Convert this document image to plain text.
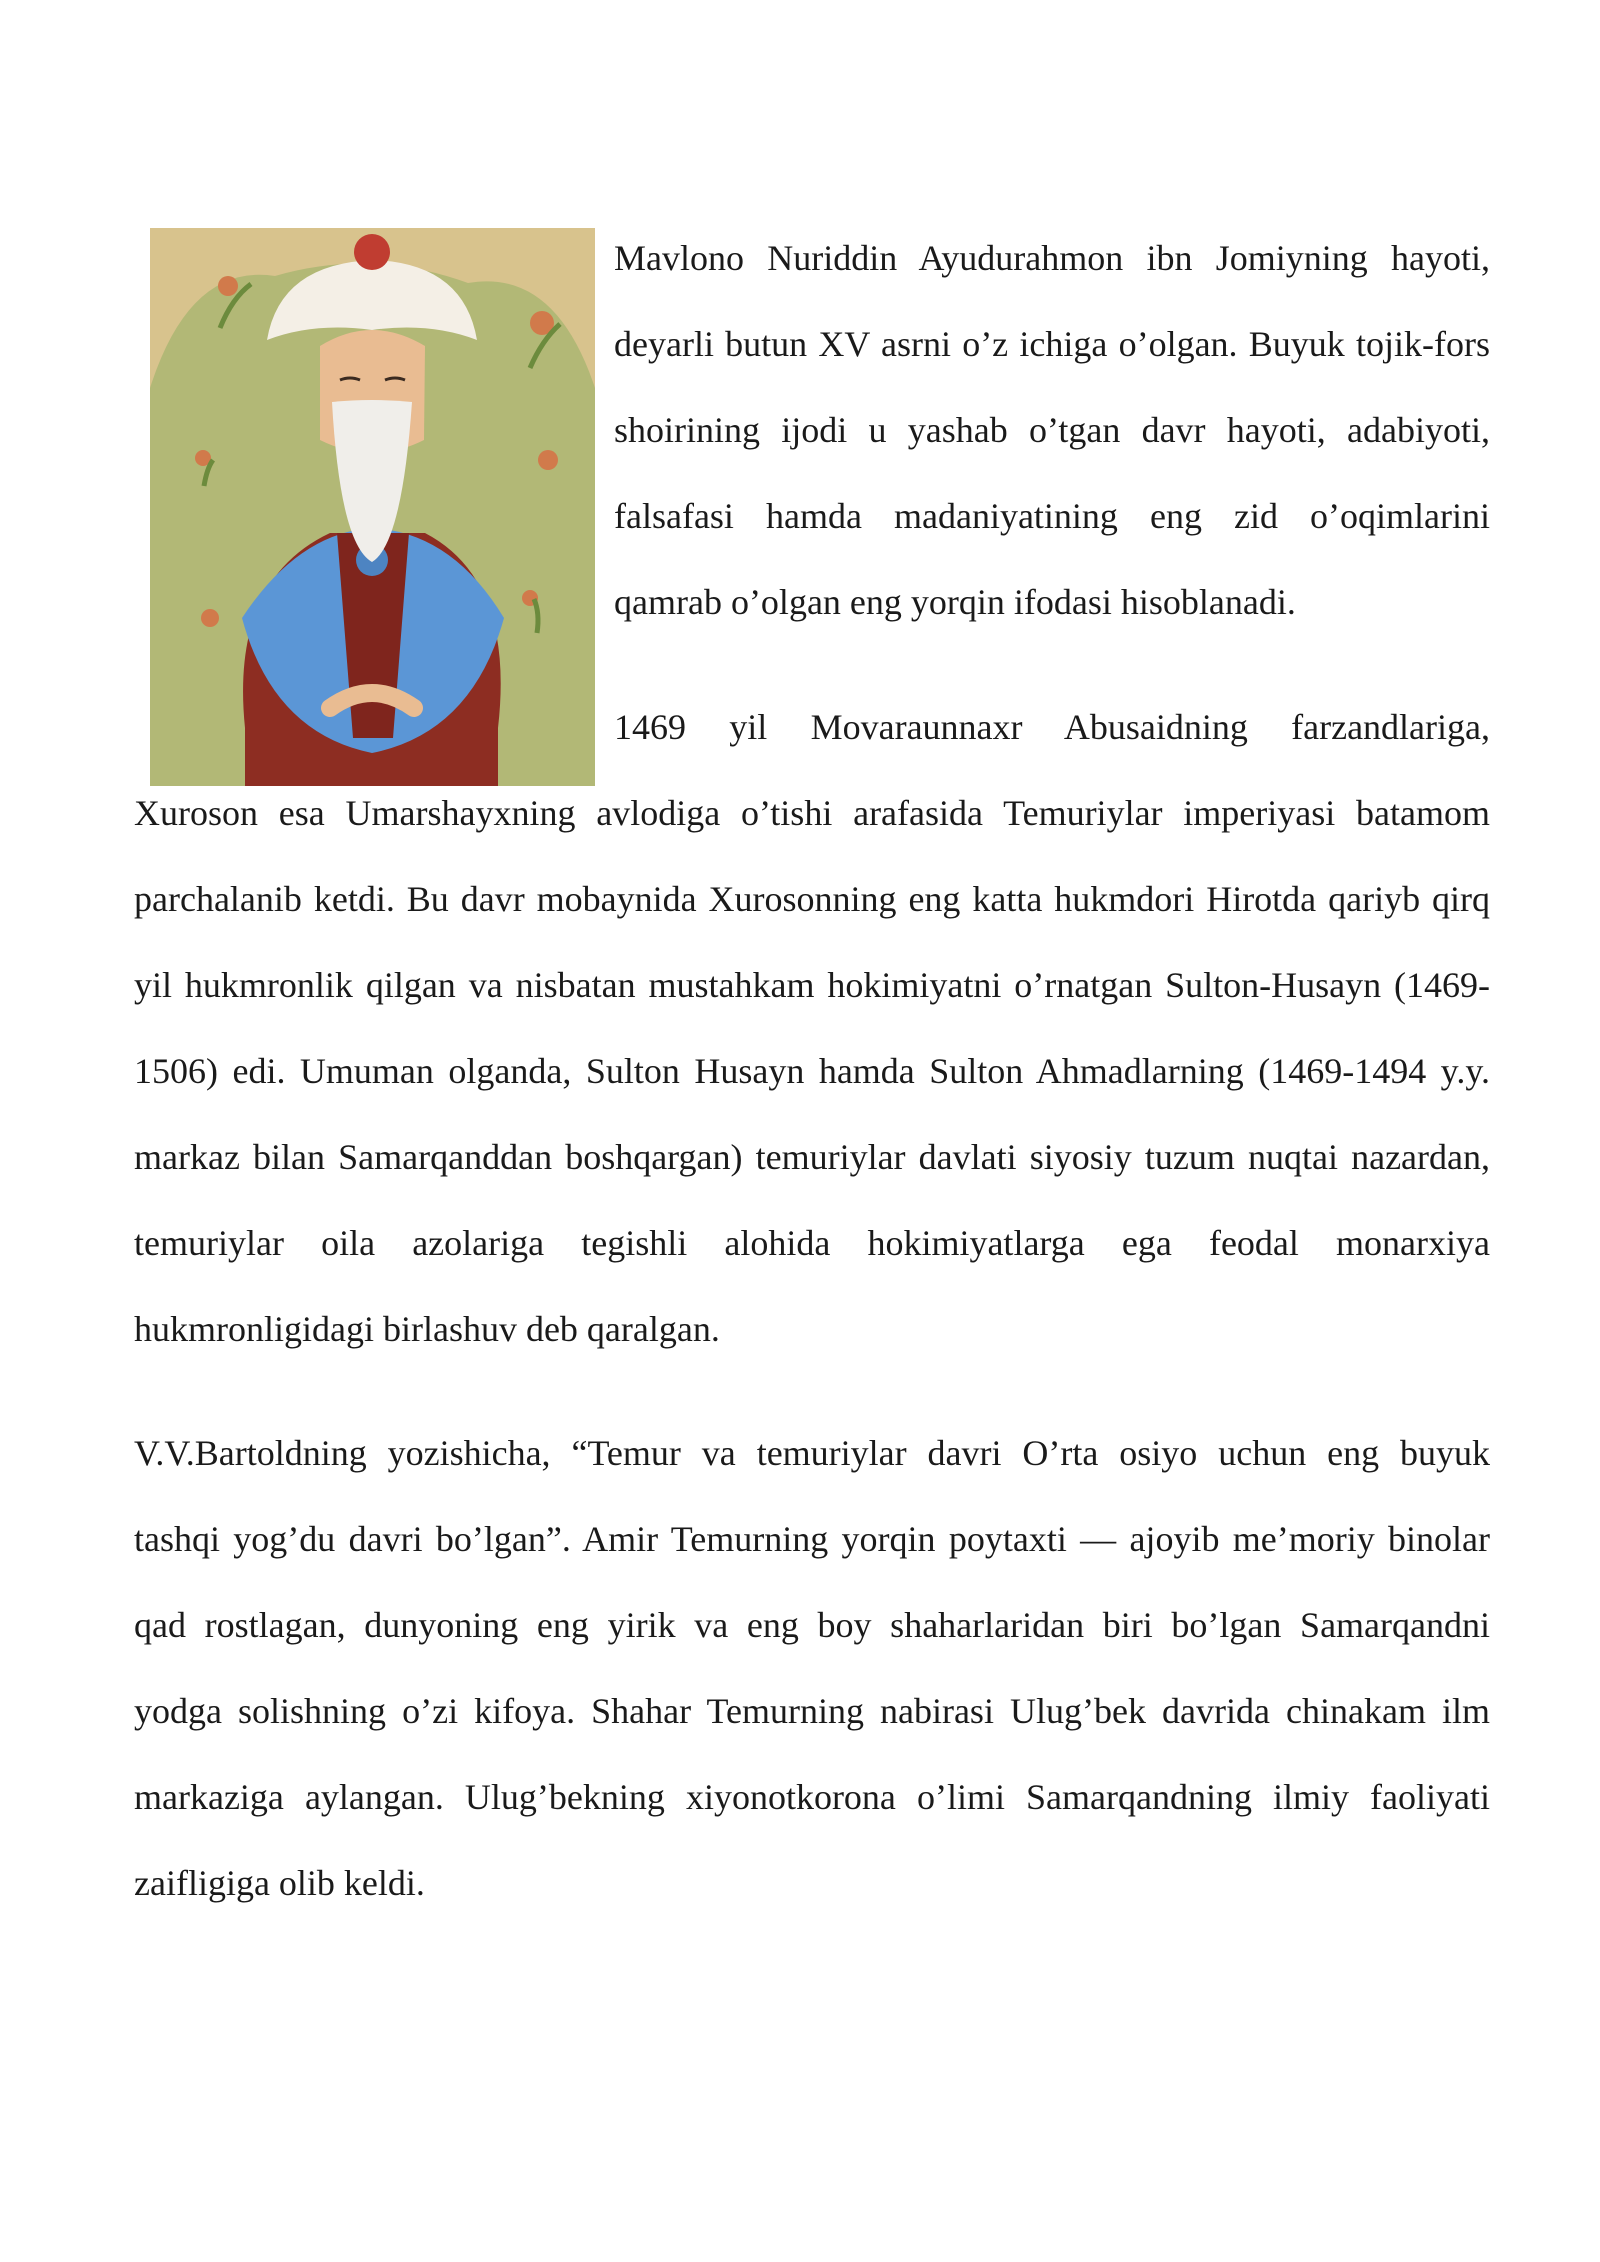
Mavlono Nuriddin Ayudurahmon ibn Jomiyning hayoti,
deyarli butun XV asrni o’z ichiga o’olgan. Buyuk tojik-fors
shoirining ijodi u yashab o’tgan davr hayoti, adabiyoti,
falsafasi hamda madaniyatining eng zid o’oqimlarini
qamrab o’olgan eng yorqin ifodasi hisoblanadi.
1469 yil Movaraunnaxr Abusaidning farzandlariga,
Xuroson esa Umarshayxning avlodiga o’tishi arafasida Temuriylar imperiyasi batamom
parchalanib ketdi. Bu davr mobaynida Xurosonning eng katta hukmdori Hirotda qariyb qirq
yil hukmronlik qilgan va nisbatan mustahkam hokimiyatni o’rnatgan Sulton-Husayn (1469-
1506) edi. Umuman olganda, Sulton Husayn hamda Sulton Ahmadlarning (1469-1494 y.y.
markaz bilan Samarqanddan boshqargan) temuriylar davlati siyosiy tuzum nuqtai nazardan,
temuriylar oila azolariga tegishli alohida hokimiyatlarga ega feodal monarxiya
hukmronligidagi birlashuv deb qaralgan.
V.V.Bartoldning yozishicha, “Temur va temuriylar davri O’rta osiyo uchun eng buyuk
tashqi yog’du davri bo’lgan”. Amir Temurning yorqin poytaxti — ajoyib me’moriy binolar
qad rostlagan, dunyoning eng yirik va eng boy shaharlaridan biri bo’lgan Samarqandni
yodga solishning o’zi kifoya. Shahar Temurning nabirasi Ulug’bek davrida chinakam ilm
markaziga aylangan. Ulug’bekning xiyonotkorona o’limi Samarqandning ilmiy faoliyati
zaifligiga olib keldi.
